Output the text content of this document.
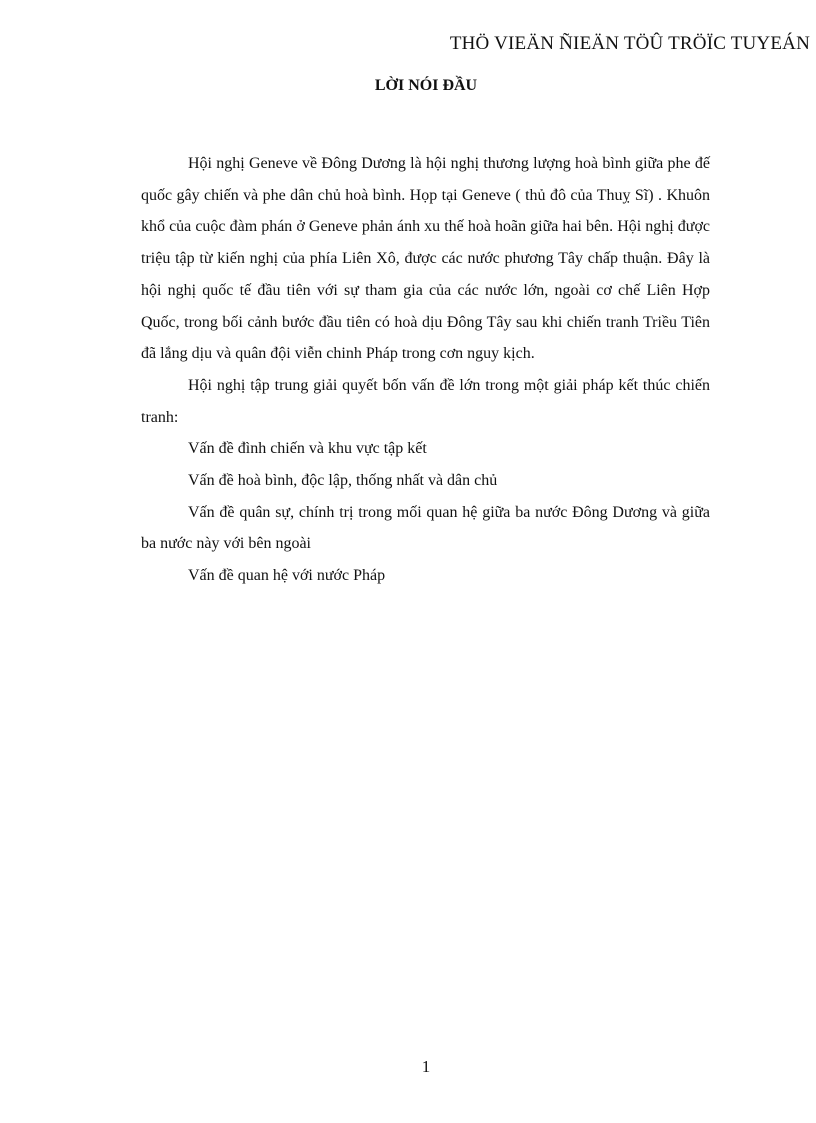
THÖ VIEÄN ÑIEÄN TÖÛ TRÖÏC TUYEÁN
LỜI NÓI ĐẦU

Hội nghị Geneve về Đông Dương là hội nghị thương lượng hoà bình giữa phe đế quốc gây chiến và phe dân chủ hoà bình. Họp tại Geneve ( thủ đô của Thuỵ Sĩ) . Khuôn khổ của cuộc đàm phán ở Geneve phản ánh xu thế hoà hoãn giữa hai bên. Hội nghị được triệu tập từ kiến nghị của phía Liên Xô, được các nước phương Tây chấp thuận. Đây là hội nghị quốc tế đầu tiên với sự tham gia của các nước lớn, ngoài cơ chế Liên Hợp Quốc, trong bối cảnh bước đầu tiên có hoà dịu Đông Tây sau khi chiến tranh Triều Tiên đã lắng dịu và quân đội viễn chinh Pháp trong cơn nguy kịch.

Hội nghị tập trung giải quyết bốn vấn đề lớn trong một giải pháp kết thúc chiến tranh:

Vấn đề đình chiến và khu vực tập kết

Vấn đề hoà bình, độc lập, thống nhất và dân chủ

Vấn đề quân sự, chính trị trong mối quan hệ giữa ba nước Đông Dương và giữa ba nước này với bên ngoài

Vấn đề quan hệ với nước Pháp

1
